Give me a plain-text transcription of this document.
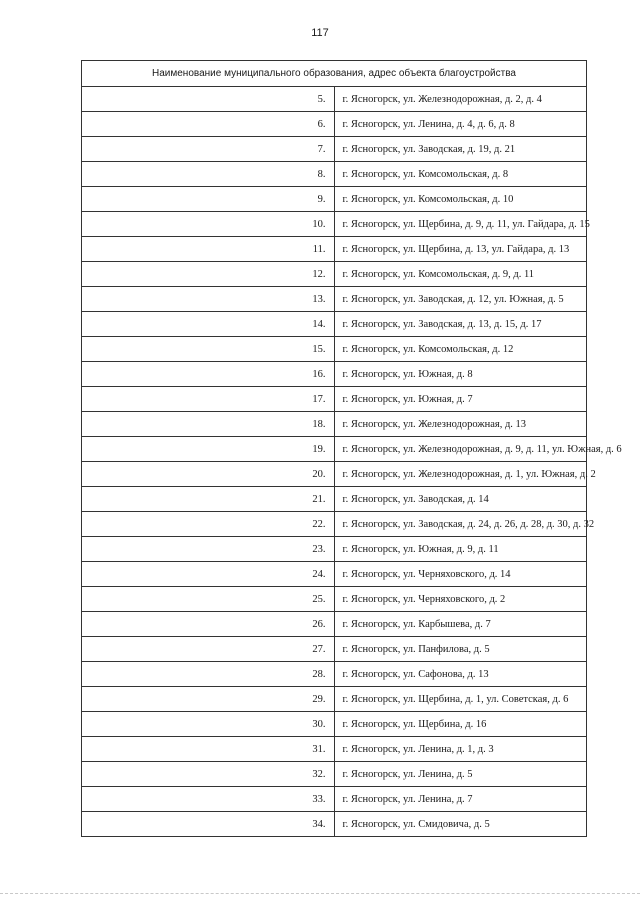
117
Наименование муниципального образования, адрес объекта благоустройства	
5.	г. Ясногорск, ул. Железнодорожная, д. 2, д. 4
6.	г. Ясногорск, ул. Ленина, д. 4, д. 6, д. 8
7.	г. Ясногорск, ул. Заводская, д. 19, д. 21
8.	г. Ясногорск, ул. Комсомольская, д. 8
9.	г. Ясногорск, ул. Комсомольская, д. 10
10.	г. Ясногорск, ул. Щербина, д. 9, д. 11, ул. Гайдара, д. 15
11.	г. Ясногорск, ул. Щербина, д. 13, ул. Гайдара, д. 13
12.	г. Ясногорск, ул. Комсомольская, д. 9, д. 11
13.	г. Ясногорск, ул. Заводская, д. 12, ул. Южная, д. 5
14.	г. Ясногорск, ул. Заводская, д. 13, д. 15, д. 17
15.	г. Ясногорск, ул. Комсомольская, д. 12
16.	г. Ясногорск, ул. Южная, д. 8
17.	г. Ясногорск, ул. Южная, д. 7
18.	г. Ясногорск, ул. Железнодорожная, д. 13
19.	г. Ясногорск, ул. Железнодорожная, д. 9, д. 11, ул. Южная, д. 6
20.	г. Ясногорск, ул. Железнодорожная, д. 1, ул. Южная, д. 2
21.	г. Ясногорск, ул. Заводская, д. 14
22.	г. Ясногорск, ул. Заводская, д. 24, д. 26, д. 28, д. 30, д. 32
23.	г. Ясногорск, ул. Южная, д. 9, д. 11
24.	г. Ясногорск, ул. Черняховского, д. 14
25.	г. Ясногорск, ул. Черняховского, д. 2
26.	г. Ясногорск, ул. Карбышева, д. 7
27.	г. Ясногорск, ул. Панфилова, д. 5
28.	г. Ясногорск, ул. Сафонова, д. 13
29.	г. Ясногорск, ул. Щербина, д. 1, ул. Советская, д. 6
30.	г. Ясногорск, ул. Щербина, д. 16
31.	г. Ясногорск, ул. Ленина, д. 1, д. 3
32.	г. Ясногорск, ул. Ленина, д. 5
33.	г. Ясногорск, ул. Ленина, д. 7
34.	г. Ясногорск, ул. Смидовича, д. 5
